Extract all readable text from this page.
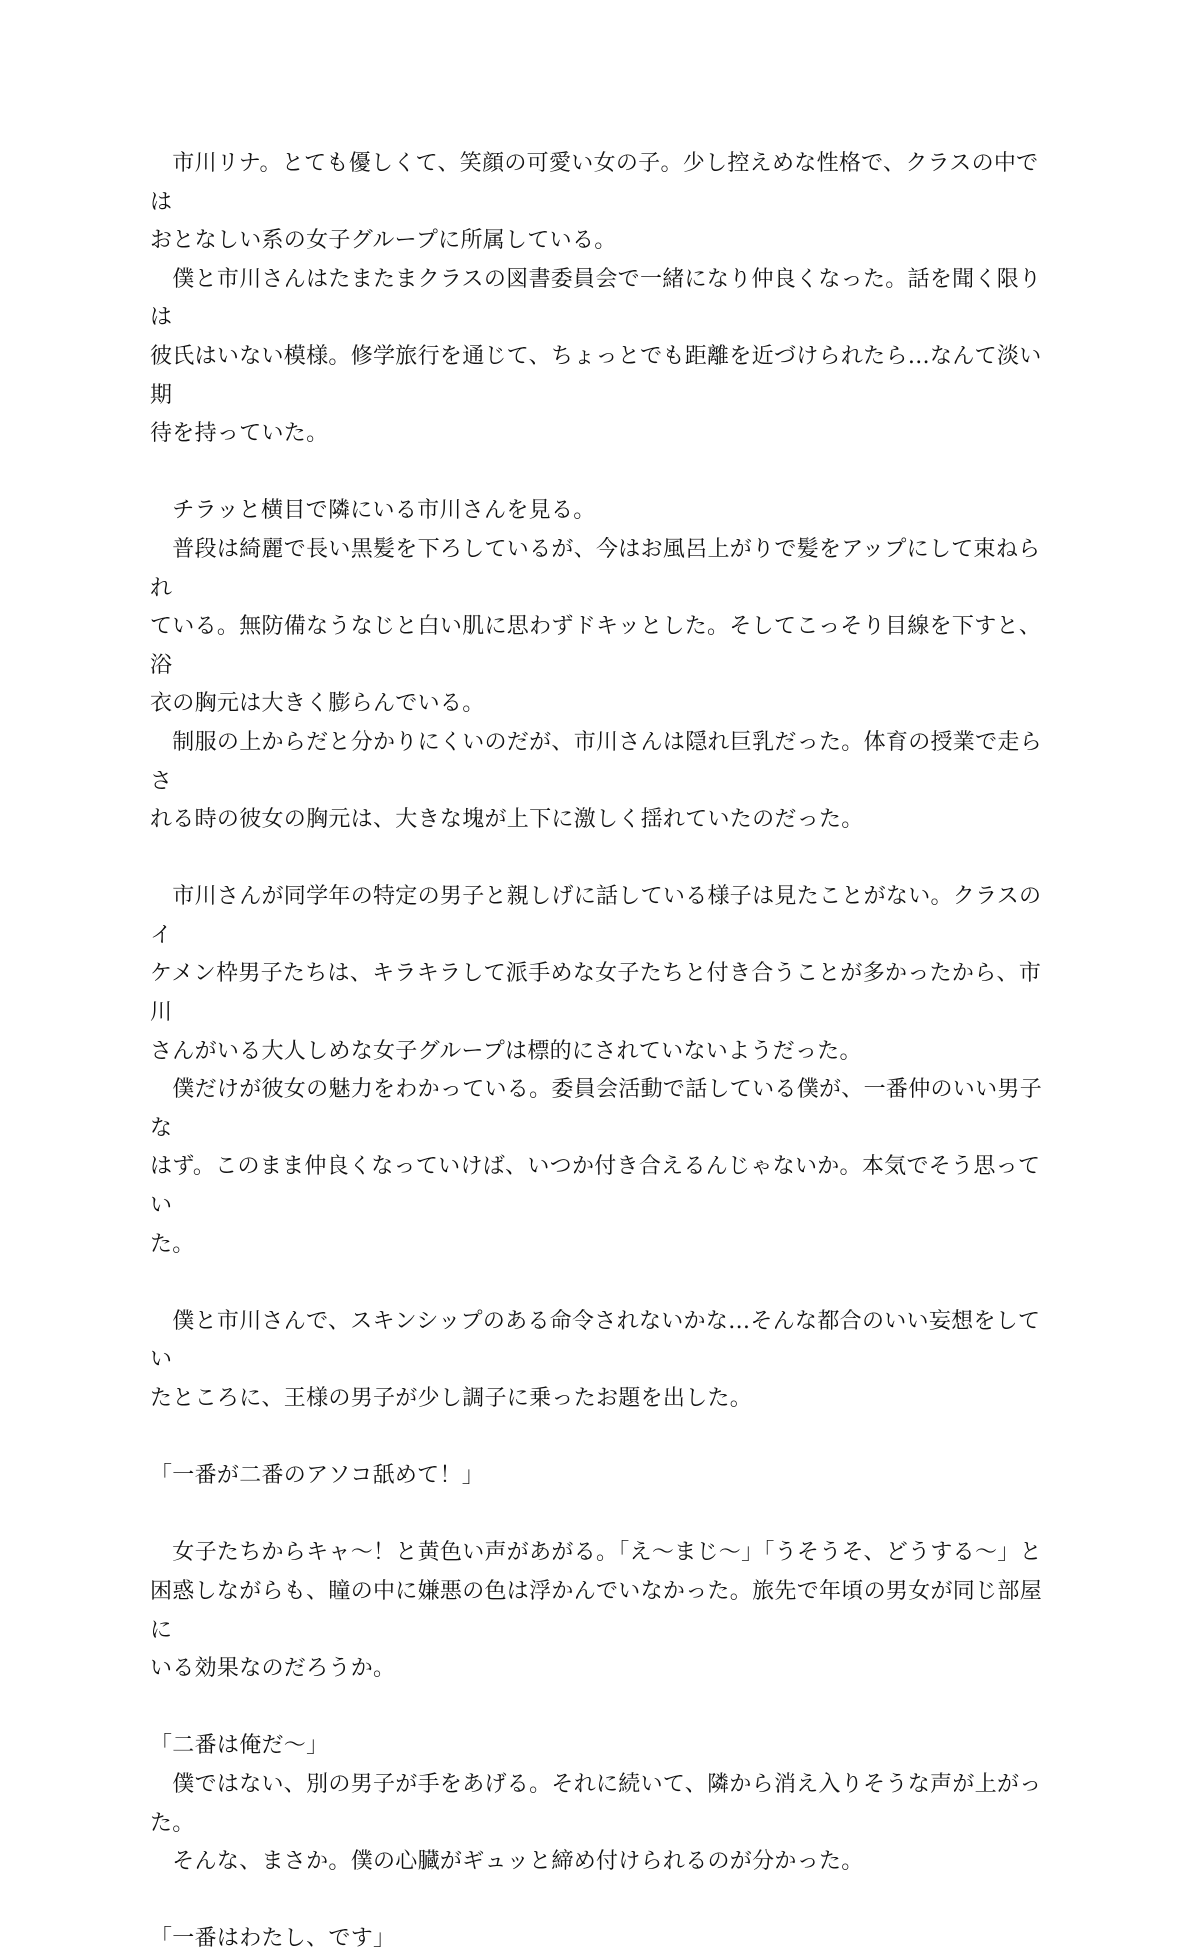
　市川リナ。とても優しくて、笑顔の可愛い女の子。少し控えめな性格で、クラスの中では
おとなしい系の女子グループに所属している。

　僕と市川さんはたまたまクラスの図書委員会で一緒になり仲良くなった。話を聞く限りは
彼氏はいない模様。修学旅行を通じて、ちょっとでも距離を近づけられたら…なんて淡い期
待を持っていた。

　チラッと横目で隣にいる市川さんを見る。

　普段は綺麗で長い黒髪を下ろしているが、今はお風呂上がりで髪をアップにして束ねられ
ている。無防備なうなじと白い肌に思わずドキッとした。そしてこっそり目線を下すと、浴
衣の胸元は大きく膨らんでいる。

　制服の上からだと分かりにくいのだが、市川さんは隠れ巨乳だった。体育の授業で走らさ
れる時の彼女の胸元は、大きな塊が上下に激しく揺れていたのだった。

　市川さんが同学年の特定の男子と親しげに話している様子は見たことがない。クラスのイ
ケメン枠男子たちは、キラキラして派手めな女子たちと付き合うことが多かったから、市川
さんがいる大人しめな女子グループは標的にされていないようだった。

　僕だけが彼女の魅力をわかっている。委員会活動で話している僕が、一番仲のいい男子な
はず。このまま仲良くなっていけば、いつか付き合えるんじゃないか。本気でそう思ってい
た。

　僕と市川さんで、スキンシップのある命令されないかな…そんな都合のいい妄想をしてい
たところに、王様の男子が少し調子に乗ったお題を出した。

「一番が二番のアソコ舐めて！」

　女子たちからキャ～！と黄色い声があがる。「え～まじ～」「うそうそ、どうする～」と
困惑しながらも、瞳の中に嫌悪の色は浮かんでいなかった。旅先で年頃の男女が同じ部屋に
いる効果なのだろうか。

「二番は俺だ～」

　僕ではない、別の男子が手をあげる。それに続いて、隣から消え入りそうな声が上がっ
た。

　そんな、まさか。僕の心臓がギュッと締め付けられるのが分かった。

「一番はわたし、です」
